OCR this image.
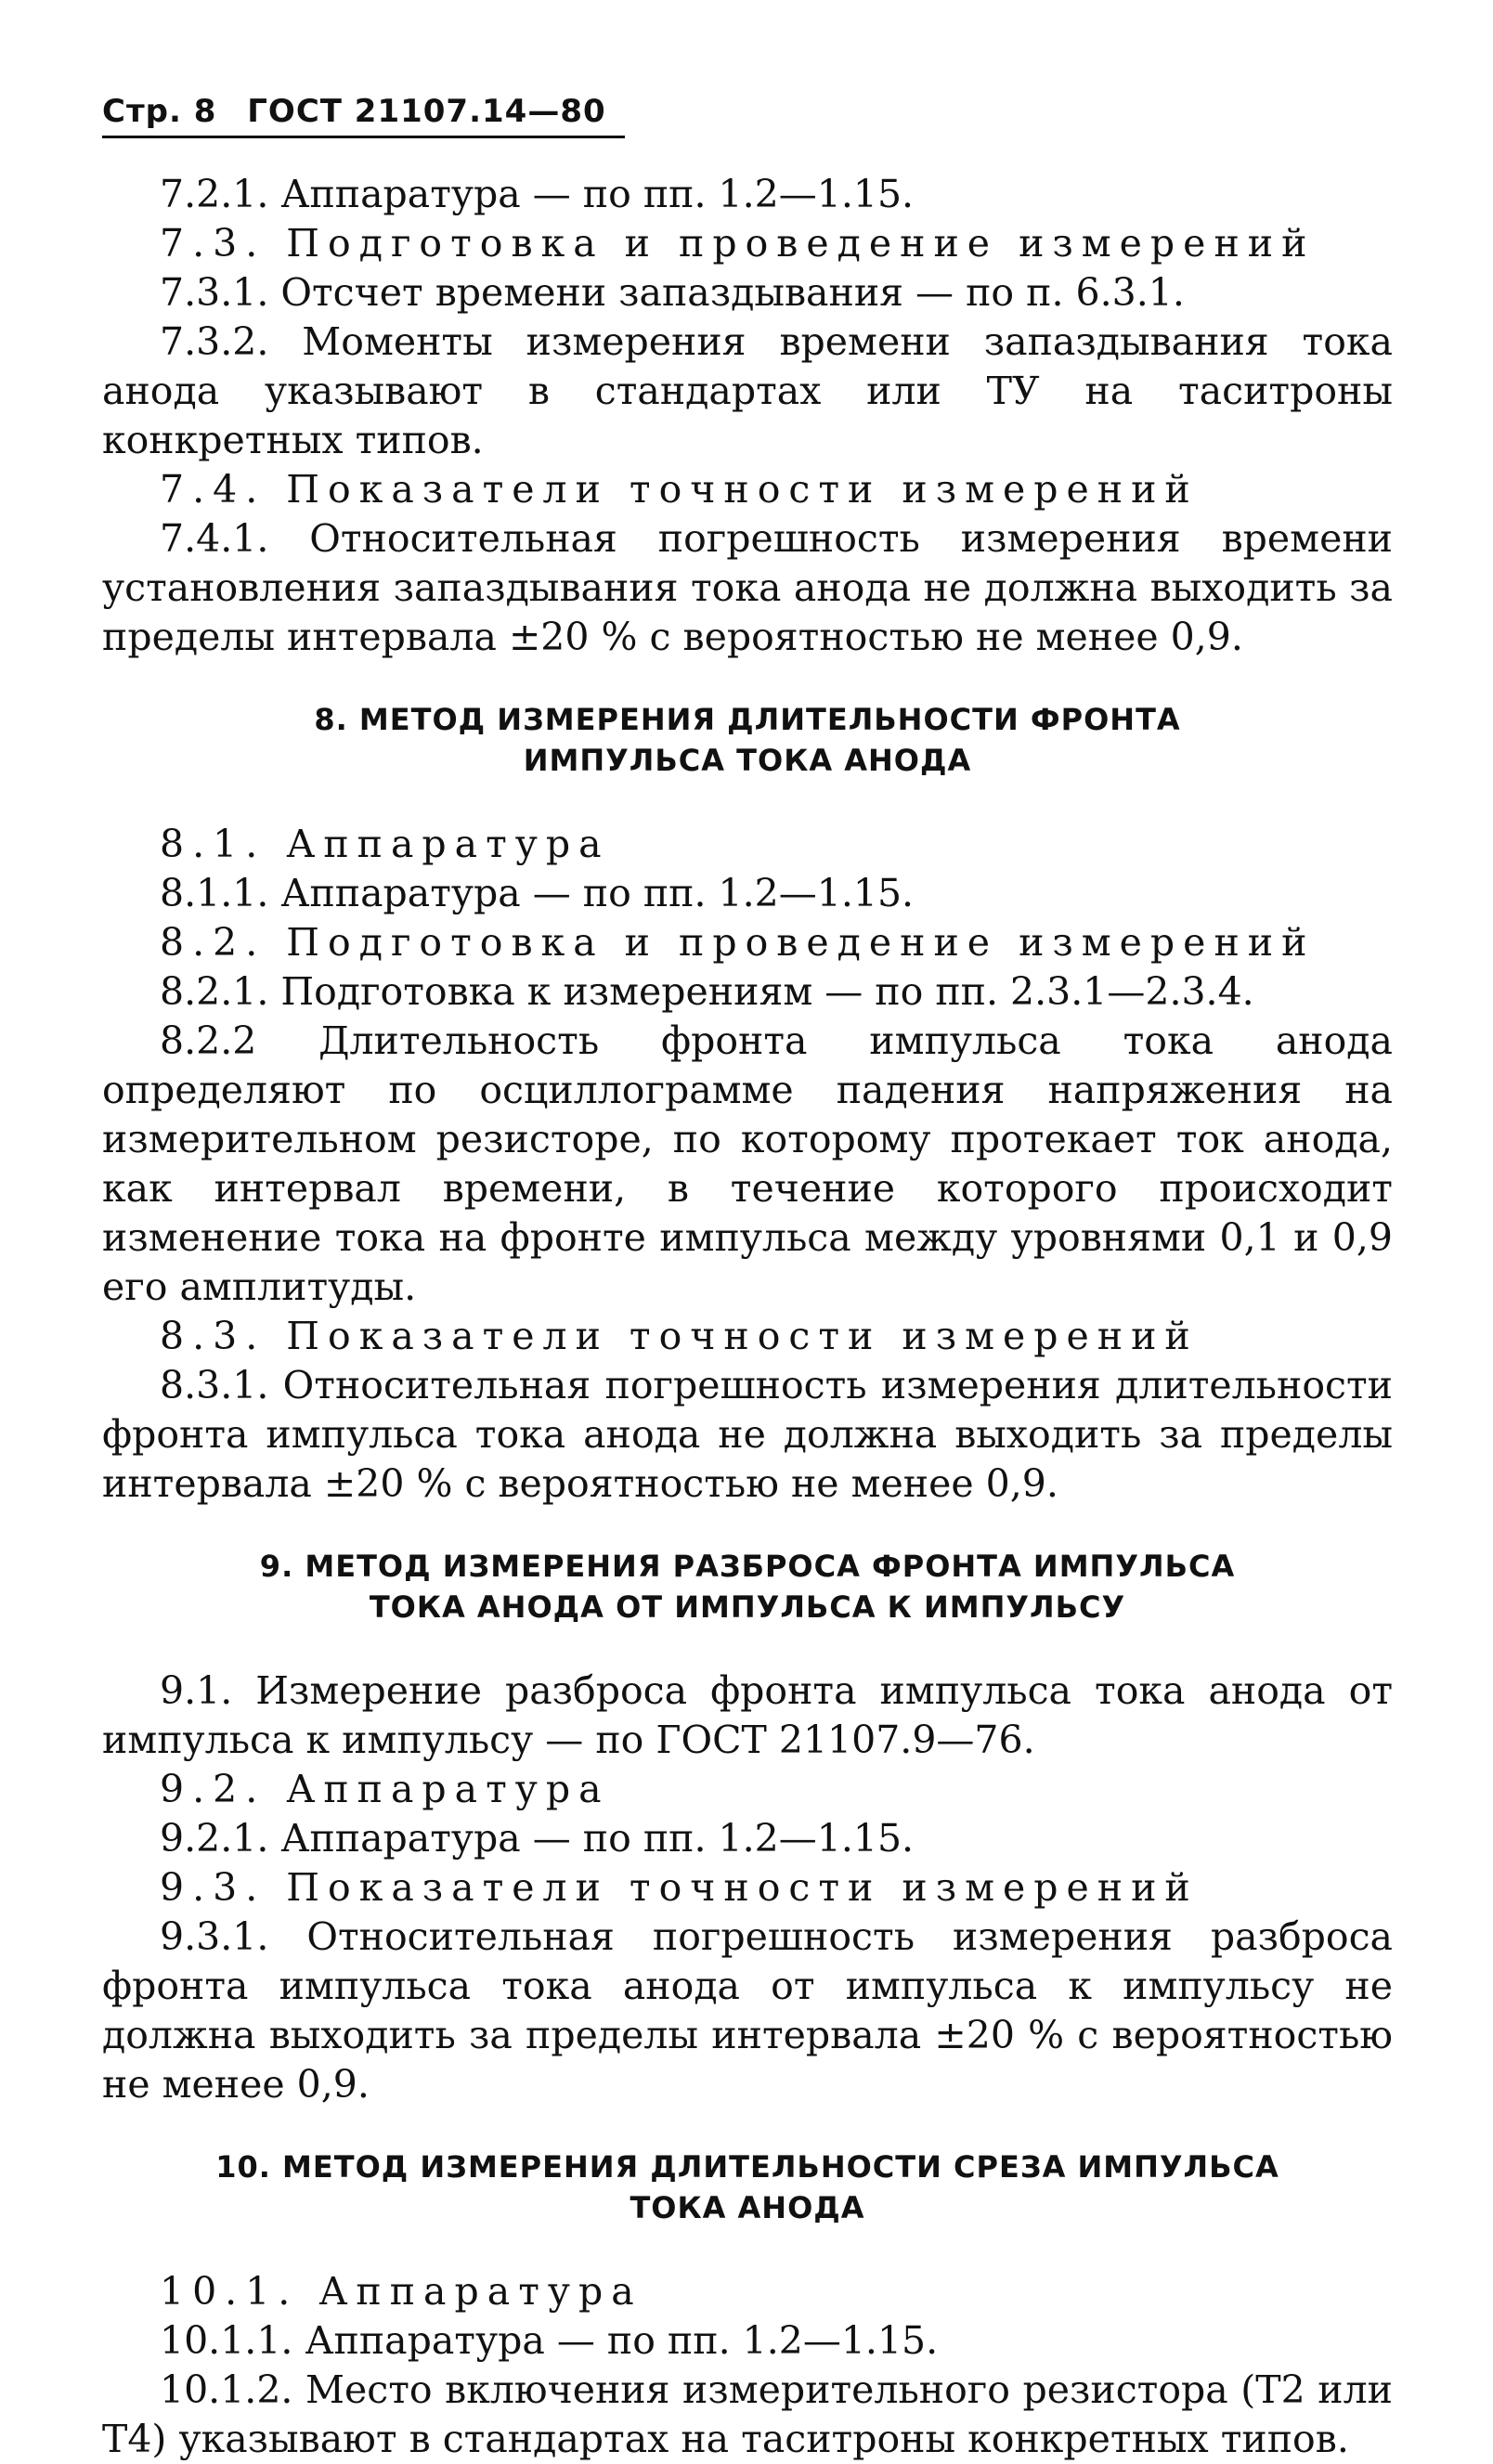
Стр. 8 ГОСТ 21107.14—80

7.2.1. Аппаратура — по пп. 1.2—1.15.

7.3. Подготовка и проведение измерений

7.3.1. Отсчет времени запаздывания — по п. 6.3.1.

7.3.2. Моменты измерения времени запаздывания тока анода указывают в стандартах или ТУ на таситроны конкретных типов.

7.4. Показатели точности измерений

7.4.1. Относительная погрешность измерения времени установления запаздывания тока анода не должна выходить за пределы интервала ±20 % с вероятностью не менее 0,9.

8. МЕТОД ИЗМЕРЕНИЯ ДЛИТЕЛЬНОСТИ ФРОНТА
ИМПУЛЬСА ТОКА АНОДА

8.1. Аппаратура

8.1.1. Аппаратура — по пп. 1.2—1.15.

8.2. Подготовка и проведение измерений

8.2.1. Подготовка к измерениям — по пп. 2.3.1—2.3.4.

8.2.2 Длительность фронта импульса тока анода определяют по осциллограмме падения напряжения на измерительном резисторе, по которому протекает ток анода, как интервал времени, в течение которого происходит изменение тока на фронте импульса между уровнями 0,1 и 0,9 его амплитуды.

8.3. Показатели точности измерений

8.3.1. Относительная погрешность измерения длительности фронта импульса тока анода не должна выходить за пределы интервала ±20 % с вероятностью не менее 0,9.

9. МЕТОД ИЗМЕРЕНИЯ РАЗБРОСА ФРОНТА ИМПУЛЬСА
ТОКА АНОДА ОТ ИМПУЛЬСА К ИМПУЛЬСУ

9.1. Измерение разброса фронта импульса тока анода от импульса к импульсу — по ГОСТ 21107.9—76.

9.2. Аппаратура

9.2.1. Аппаратура — по пп. 1.2—1.15.

9.3. Показатели точности измерений

9.3.1. Относительная погрешность измерения разброса фронта импульса тока анода от импульса к импульсу не должна выходить за пределы интервала ±20 % с вероятностью не менее 0,9.

10. МЕТОД ИЗМЕРЕНИЯ ДЛИТЕЛЬНОСТИ СРЕЗА ИМПУЛЬСА
ТОКА АНОДА

10.1. Аппаратура

10.1.1. Аппаратура — по пп. 1.2—1.15.

10.1.2. Место включения измерительного резистора (Т2 или Т4) указывают в стандартах на таситроны конкретных типов.
